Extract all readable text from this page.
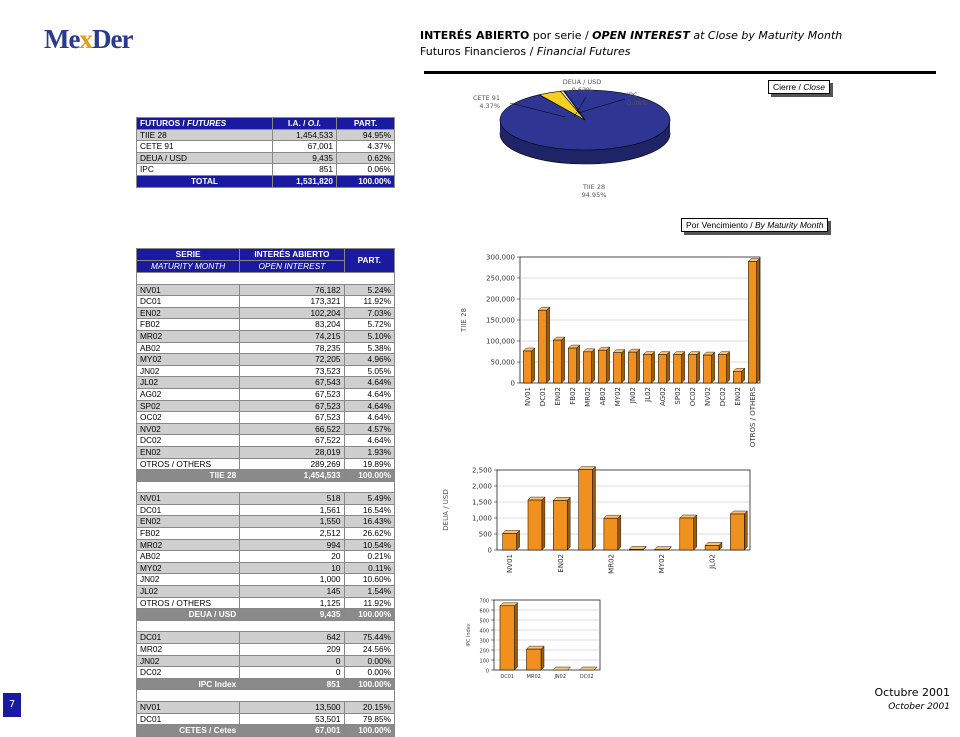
MexDer	INTERÉS ABIERTO por serie / OPEN INTEREST at Close by Maturity Month
Futuros Financieros / Financial Futures
Cierre / Close
Por Vencimiento / By Maturity Month
FUTUROS / FUTURES	I.A. / O.I.	PART.
TIIE 28	1,454,533	94.95%
CETE 91	67,001	4.37%
DEUA / USD	9,435	0.62%
IPC	851	0.06%
TOTAL	1,531,820	100.00%
SERIE	INTERÉS ABIERTO	PART.
MATURITY MONTH	OPEN INTEREST	

NV01	76,182	5.24%
DC01	173,321	11.92%
EN02	102,204	7.03%
FB02	83,204	5.72%
MR02	74,215	5.10%
AB02	78,235	5.38%
MY02	72,205	4.96%
JN02	73,523	5.05%
JL02	67,543	4.64%
AG02	67,523	4.64%
SP02	67,523	4.64%
OC02	67,523	4.64%
NV02	66,522	4.57%
DC02	67,522	4.64%
EN02	28,019	1.93%
OTROS / OTHERS	289,269	19.89%
TIIE 28	1,454,533	100.00%

NV01	518	5.49%
DC01	1,561	16.54%
EN02	1,550	16.43%
FB02	2,512	26.62%
MR02	994	10.54%
AB02	20	0.21%
MY02	10	0.11%
JN02	1,000	10.60%
JL02	145	1.54%
OTROS / OTHERS	1,125	11.92%
DEUA / USD	9,435	100.00%

DC01	642	75.44%
MR02	209	24.56%
JN02	0	0.00%
DC02	0	0.00%
IPC Index	851	100.00%

NV01	13,500	20.15%
DC01	53,501	79.85%
CETES / Cetes	67,001	100.00%
TIIE 28
94.95%
CETE 91
4.37%
DEUA / USD
0.62%
IPC
0.06%
0
50,000
100,000
150,000
200,000
250,000
300,000
NV01 DC01 EN02 FB02 MR02 AB02 MY02 JN02 JL02 AG02 SP02 OC02 NV02 DC02 EN02 OTROS / OTHERS
TIIE 28
0
500
1,000
1,500
2,000
2,500
NV01	EN02	MR02	MY02	JL02
DEUA / USD
0
100
200
300
400
500
600
700
DC01	MR02	JN02	DC02
IPC Index
Octubre 2001
October 2001
7
